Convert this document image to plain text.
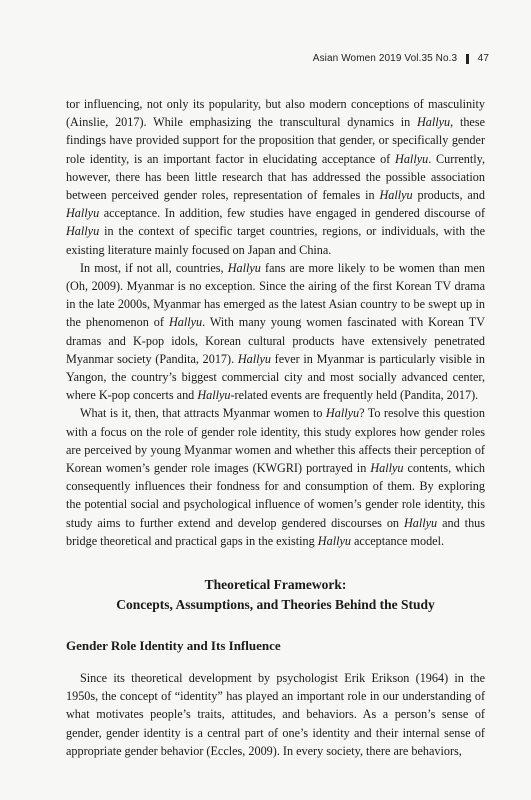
Asian Women 2019 Vol.35 No.3 47

tor influencing, not only its popularity, but also modern conceptions of masculinity (Ainslie, 2017). While emphasizing the transcultural dynamics in Hallyu, these findings have provided support for the proposition that gender, or specifically gender role identity, is an important factor in elucidating acceptance of Hallyu. Currently, however, there has been little research that has addressed the possible association between perceived gender roles, representation of females in Hallyu products, and Hallyu acceptance. In addition, few studies have engaged in gendered discourse of Hallyu in the context of specific target countries, regions, or individuals, with the existing literature mainly focused on Japan and China.

In most, if not all, countries, Hallyu fans are more likely to be women than men (Oh, 2009). Myanmar is no exception. Since the airing of the first Korean TV drama in the late 2000s, Myanmar has emerged as the latest Asian country to be swept up in the phenomenon of Hallyu. With many young women fascinated with Korean TV dramas and K-pop idols, Korean cultural products have extensively penetrated Myanmar society (Pandita, 2017). Hallyu fever in Myanmar is particularly visible in Yangon, the country’s biggest commercial city and most socially advanced center, where K-pop concerts and Hallyu-related events are frequently held (Pandita, 2017).

What is it, then, that attracts Myanmar women to Hallyu? To resolve this question with a focus on the role of gender role identity, this study explores how gender roles are perceived by young Myanmar women and whether this affects their perception of Korean women’s gender role images (KWGRI) portrayed in Hallyu contents, which consequently influences their fondness for and consumption of them. By exploring the potential social and psychological influence of women’s gender role identity, this study aims to further extend and develop gendered discourses on Hallyu and thus bridge theoretical and practical gaps in the existing Hallyu acceptance model.

Theoretical Framework:
Concepts, Assumptions, and Theories Behind the Study
Gender Role Identity and Its Influence

Since its theoretical development by psychologist Erik Erikson (1964) in the 1950s, the concept of “identity” has played an important role in our understanding of what motivates people’s traits, attitudes, and behaviors. As a person’s sense of gender, gender identity is a central part of one’s identity and their internal sense of appropriate gender behavior (Eccles, 2009). In every society, there are behaviors,
